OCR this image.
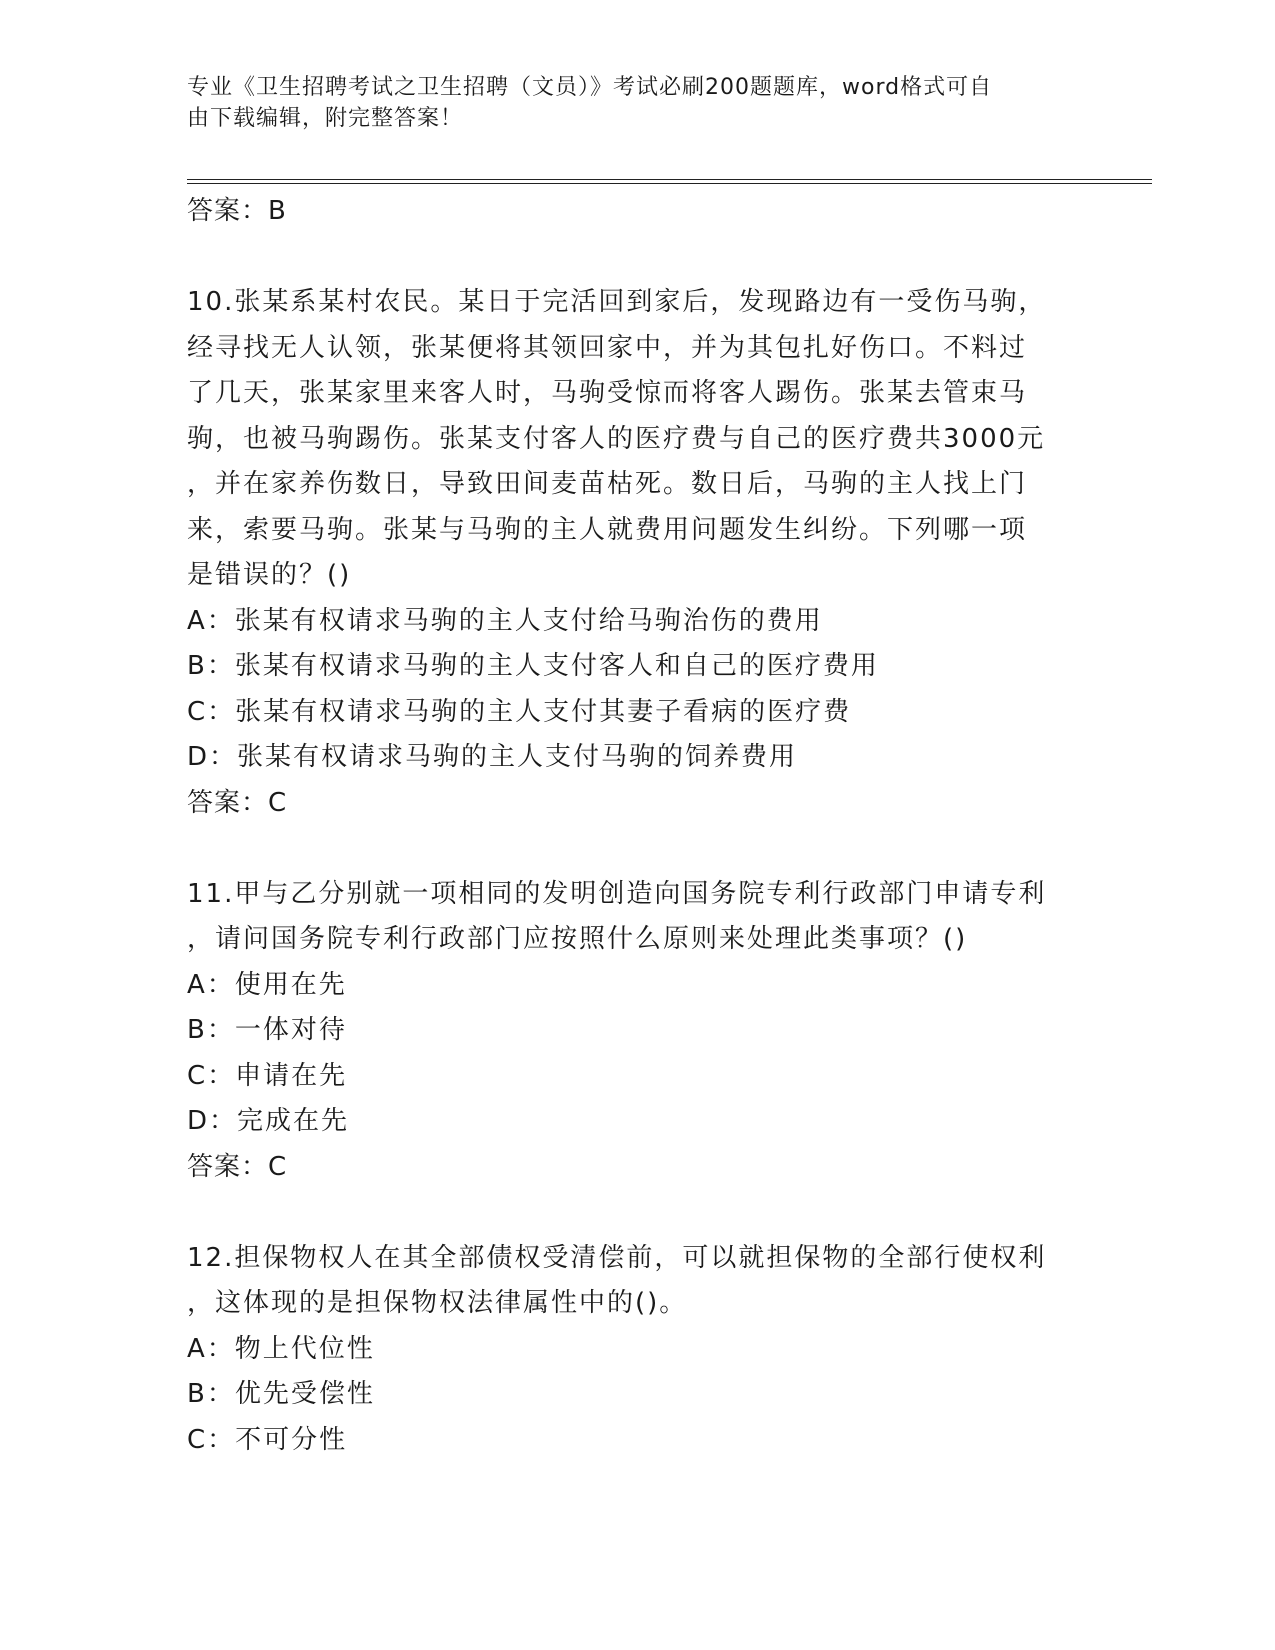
专业《卫生招聘考试之卫生招聘（文员）》考试必刷200题题库，word格式可自
由下载编辑，附完整答案！
答案：B
10.张某系某村农民。某日于完活回到家后，发现路边有一受伤马驹，
经寻找无人认领，张某便将其领回家中，并为其包扎好伤口。不料过
了几天，张某家里来客人时，马驹受惊而将客人踢伤。张某去管束马
驹，也被马驹踢伤。张某支付客人的医疗费与自己的医疗费共3000元
，并在家养伤数日，导致田间麦苗枯死。数日后，马驹的主人找上门
来，索要马驹。张某与马驹的主人就费用问题发生纠纷。下列哪一项
是错误的？()
A：张某有权请求马驹的主人支付给马驹治伤的费用
B：张某有权请求马驹的主人支付客人和自己的医疗费用
C：张某有权请求马驹的主人支付其妻子看病的医疗费
D：张某有权请求马驹的主人支付马驹的饲养费用
答案：C
11.甲与乙分别就一项相同的发明创造向国务院专利行政部门申请专利
，请问国务院专利行政部门应按照什么原则来处理此类事项？()
A：使用在先
B：一体对待
C：申请在先
D：完成在先
答案：C
12.担保物权人在其全部债权受清偿前，可以就担保物的全部行使权利
，这体现的是担保物权法律属性中的()。
A：物上代位性
B：优先受偿性
C：不可分性
